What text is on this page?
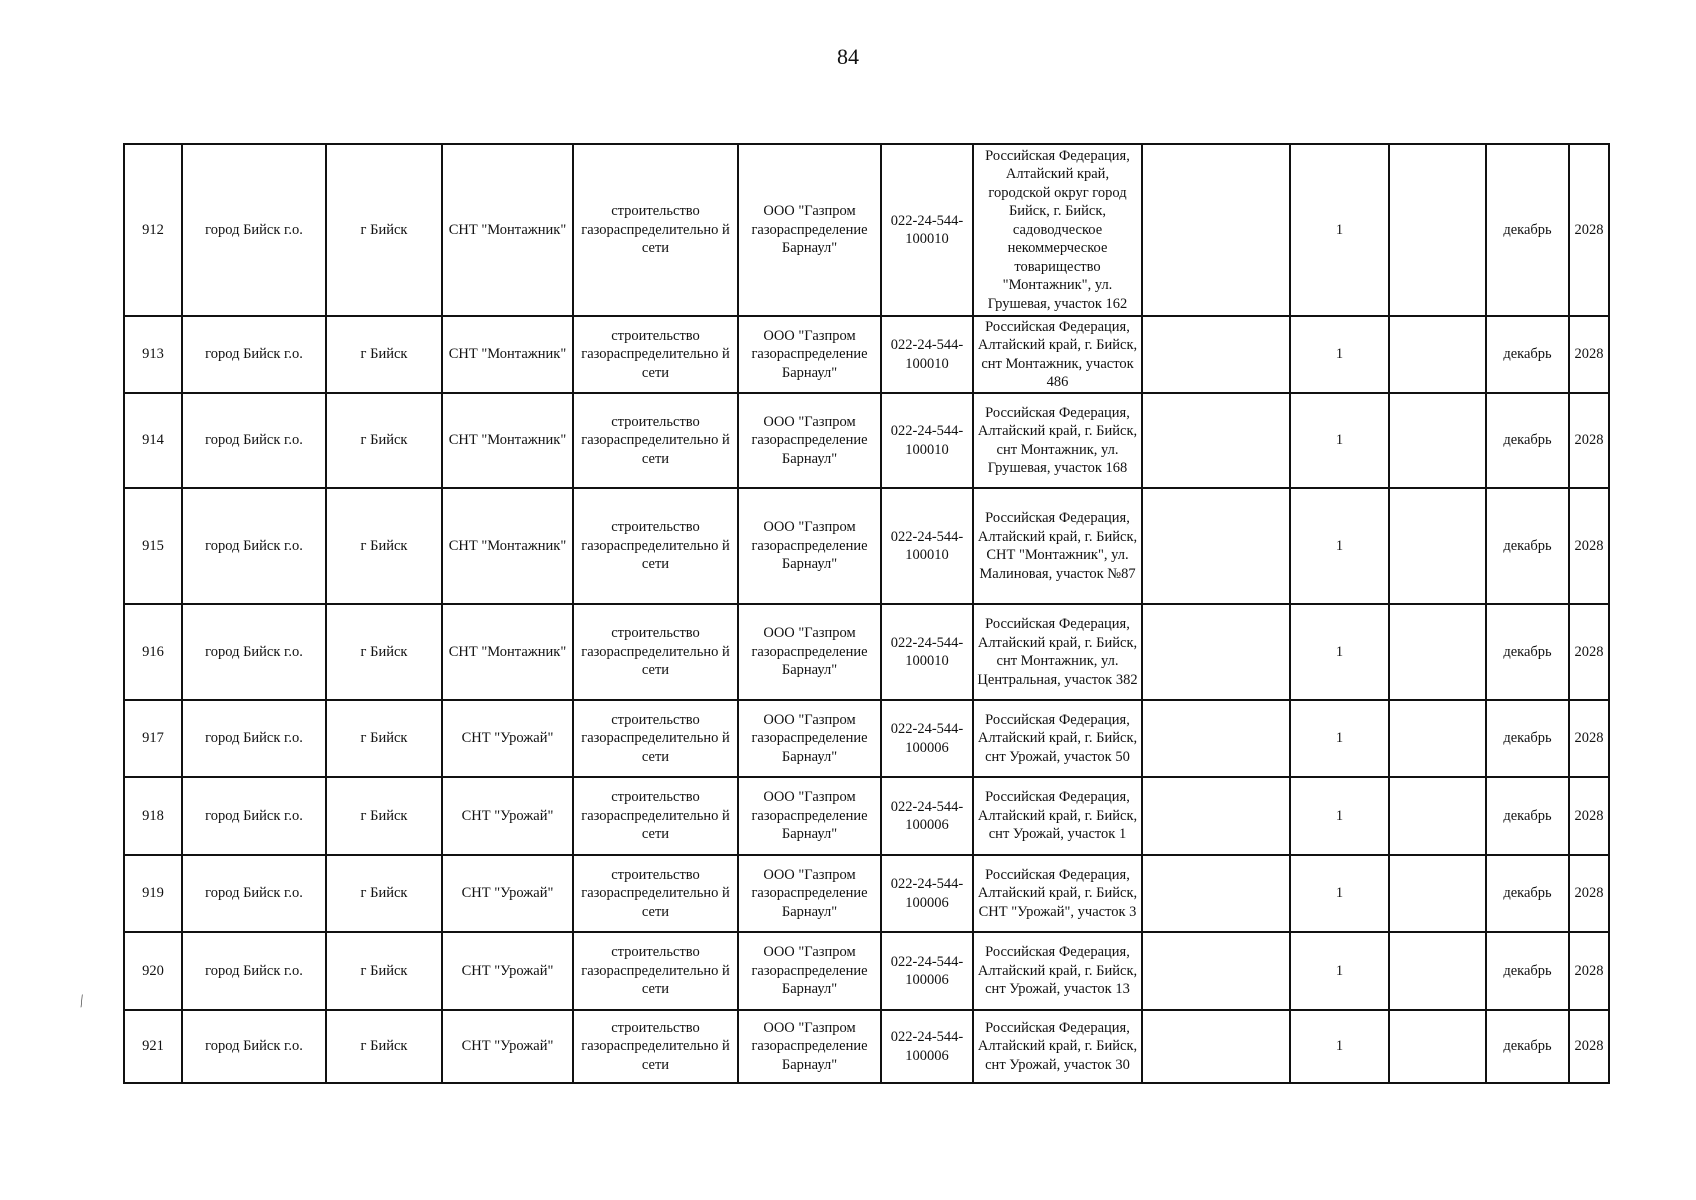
84
912	город Бийск г.о.	г Бийск	СНТ "Монтажник"	строительство газораспределительно й сети	ООО "Газпром газораспределение Барнаул"	022-24-544-100010	Российская Федерация, Алтайский край, городской округ город Бийск, г. Бийск, садоводческое некоммерческое товарищество "Монтажник", ул. Грушевая, участок 162		1		декабрь	2028
913	город Бийск г.о.	г Бийск	СНТ "Монтажник"	строительство газораспределительно й сети	ООО "Газпром газораспределение Барнаул"	022-24-544-100010	Российская Федерация, Алтайский край, г. Бийск, снт Монтажник, участок 486		1		декабрь	2028
914	город Бийск г.о.	г Бийск	СНТ "Монтажник"	строительство газораспределительно й сети	ООО "Газпром газораспределение Барнаул"	022-24-544-100010	Российская Федерация, Алтайский край, г. Бийск, снт Монтажник, ул. Грушевая, участок 168		1		декабрь	2028
915	город Бийск г.о.	г Бийск	СНТ "Монтажник"	строительство газораспределительно й сети	ООО "Газпром газораспределение Барнаул"	022-24-544-100010	Российская Федерация, Алтайский край, г. Бийск, СНТ "Монтажник", ул. Малиновая, участок №87		1		декабрь	2028
916	город Бийск г.о.	г Бийск	СНТ "Монтажник"	строительство газораспределительно й сети	ООО "Газпром газораспределение Барнаул"	022-24-544-100010	Российская Федерация, Алтайский край, г. Бийск, снт Монтажник, ул. Центральная, участок 382		1		декабрь	2028
917	город Бийск г.о.	г Бийск	СНТ "Урожай"	строительство газораспределительно й сети	ООО "Газпром газораспределение Барнаул"	022-24-544-100006	Российская Федерация, Алтайский край, г. Бийск, снт Урожай, участок 50		1		декабрь	2028
918	город Бийск г.о.	г Бийск	СНТ "Урожай"	строительство газораспределительно й сети	ООО "Газпром газораспределение Барнаул"	022-24-544-100006	Российская Федерация, Алтайский край, г. Бийск, снт Урожай, участок 1		1		декабрь	2028
919	город Бийск г.о.	г Бийск	СНТ "Урожай"	строительство газораспределительно й сети	ООО "Газпром газораспределение Барнаул"	022-24-544-100006	Российская Федерация, Алтайский край, г. Бийск, СНТ "Урожай", участок 3		1		декабрь	2028
920	город Бийск г.о.	г Бийск	СНТ "Урожай"	строительство газораспределительно й сети	ООО "Газпром газораспределение Барнаул"	022-24-544-100006	Российская Федерация, Алтайский край, г. Бийск, снт Урожай, участок 13		1		декабрь	2028
921	город Бийск г.о.	г Бийск	СНТ "Урожай"	строительство газораспределительно й сети	ООО "Газпром газораспределение Барнаул"	022-24-544-100006	Российская Федерация, Алтайский край, г. Бийск, снт Урожай, участок 30		1		декабрь	2028
⁄
